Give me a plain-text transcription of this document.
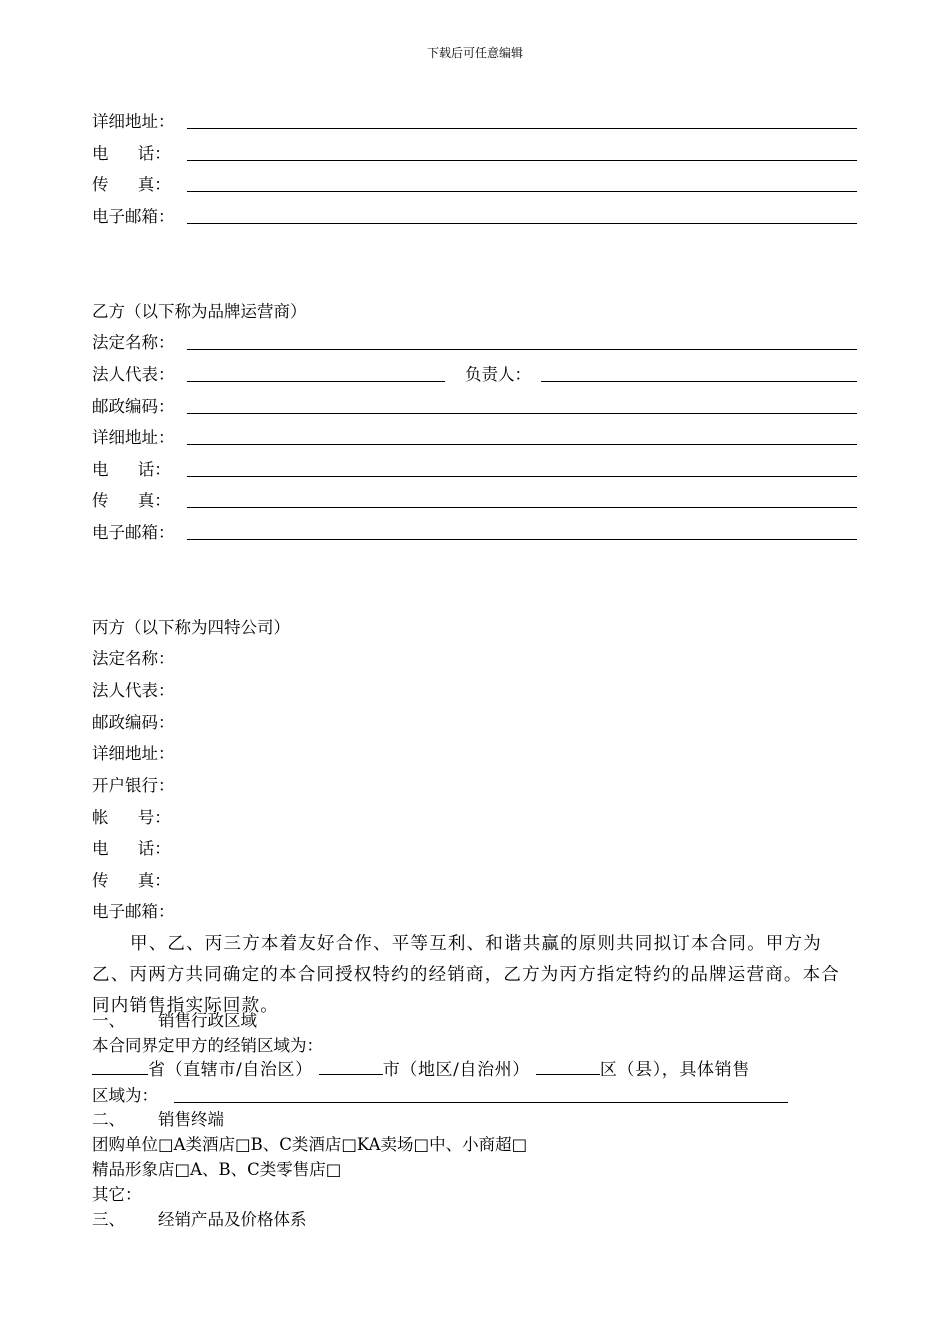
下载后可任意编辑
详细地址：
电 话：
传 真：
电子邮箱：
乙方（以下称为品牌运营商）
法定名称：
法人代表：	负责人：
邮政编码：
详细地址：
电 话：
传 真：
电子邮箱：
丙方（以下称为四特公司）
法定名称：
法人代表：
邮政编码：
详细地址：
开户银行：
帐 号：
电 话：
传 真：
电子邮箱：
甲、乙、丙三方本着友好合作、平等互利、和谐共赢的原则共同拟订本合同。甲方为乙、丙两方共同确定的本合同授权特约的经销商，乙方为丙方指定特约的品牌运营商。本合同内销售指实际回款。
一、 销售行政区域
本合同界定甲方的经销区域为：
省（直辖市/自治区）	市（地区/自治州）	区（县），具体销售
区域为：
二、 销售终端
团购单位□A类酒店□B、C类酒店□KA卖场□中、小商超□
精品形象店□A、B、C类零售店□
其它：
三、 经销产品及价格体系
